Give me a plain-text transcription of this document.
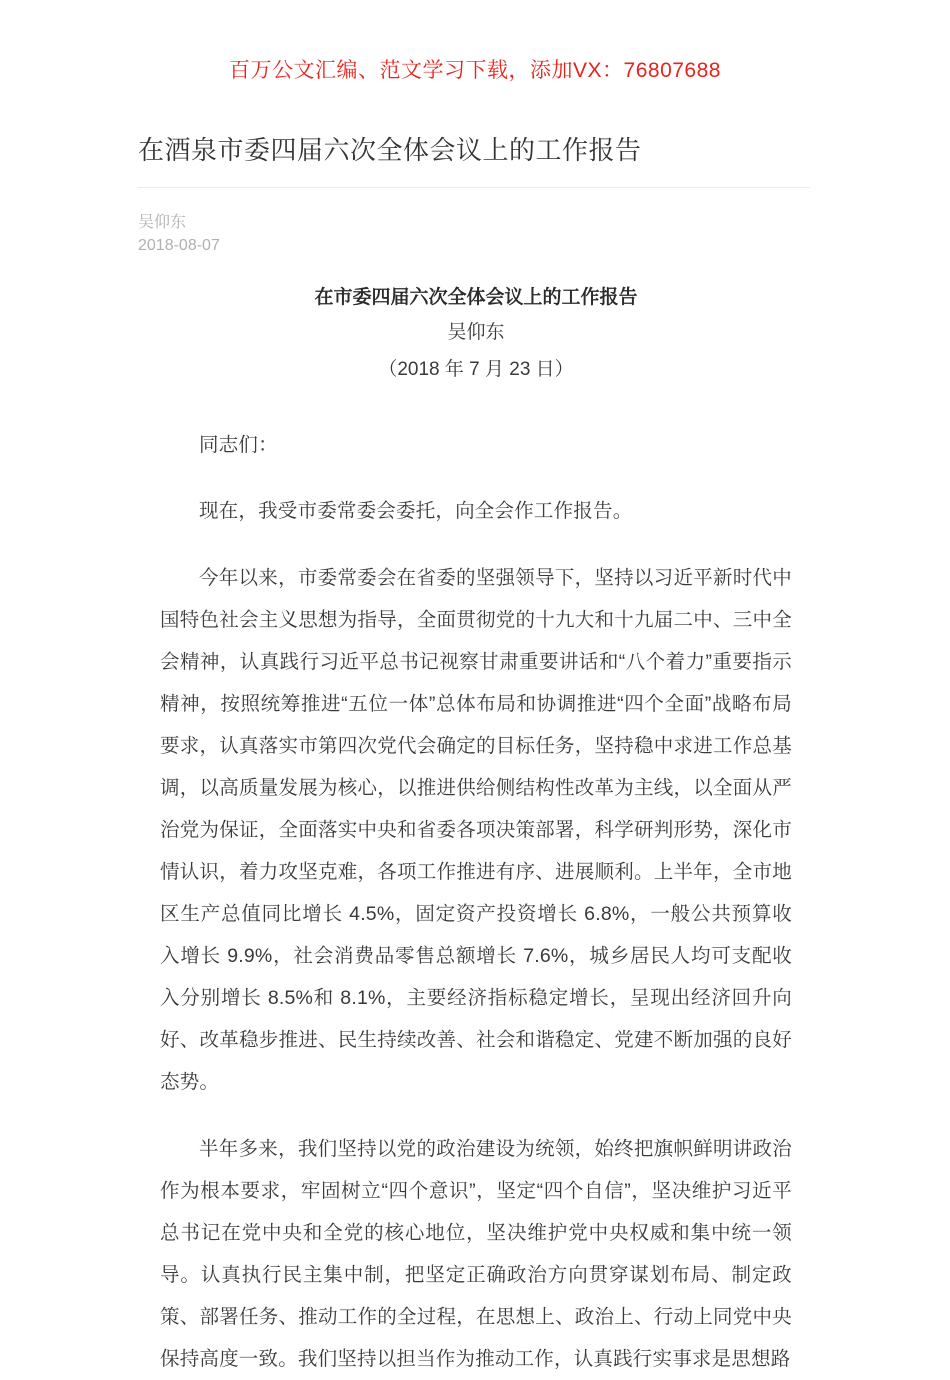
百万公文汇编、范文学习下载，添加VX：76807688
在酒泉市委四届六次全体会议上的工作报告
吴仰东
2018-08-07
在市委四届六次全体会议上的工作报告
吴仰东
（2018 年 7 月 23 日）

同志们：

现在，我受市委常委会委托，向全会作工作报告。

今年以来，市委常委会在省委的坚强领导下，坚持以习近平新时代中国特色社会主义思想为指导，全面贯彻党的十九大和十九届二中、三中全会精神，认真践行习近平总书记视察甘肃重要讲话和“八个着力”重要指示精神，按照统筹推进“五位一体”总体布局和协调推进“四个全面”战略布局要求，认真落实市第四次党代会确定的目标任务，坚持稳中求进工作总基调，以高质量发展为核心，以推进供给侧结构性改革为主线，以全面从严治党为保证，全面落实中央和省委各项决策部署，科学研判形势，深化市情认识，着力攻坚克难，各项工作推进有序、进展顺利。上半年，全市地区生产总值同比增长 4.5%，固定资产投资增长 6.8%，一般公共预算收入增长 9.9%，社会消费品零售总额增长 7.6%，城乡居民人均可支配收入分别增长 8.5%和 8.1%，主要经济指标稳定增长，呈现出经济回升向好、改革稳步推进、民生持续改善、社会和谐稳定、党建不断加强的良好态势。

半年多来，我们坚持以党的政治建设为统领，始终把旗帜鲜明讲政治作为根本要求，牢固树立“四个意识”，坚定“四个自信”，坚决维护习近平总书记在党中央和全党的核心地位，坚决维护党中央权威和集中统一领导。认真执行民主集中制，把坚定正确政治方向贯穿谋划布局、制定政策、部署任务、推动工作的全过程，在思想上、政治上、行动上同党中央保持高度一致。我们坚持以担当作为推动工作，认真践行实事求是思想路
